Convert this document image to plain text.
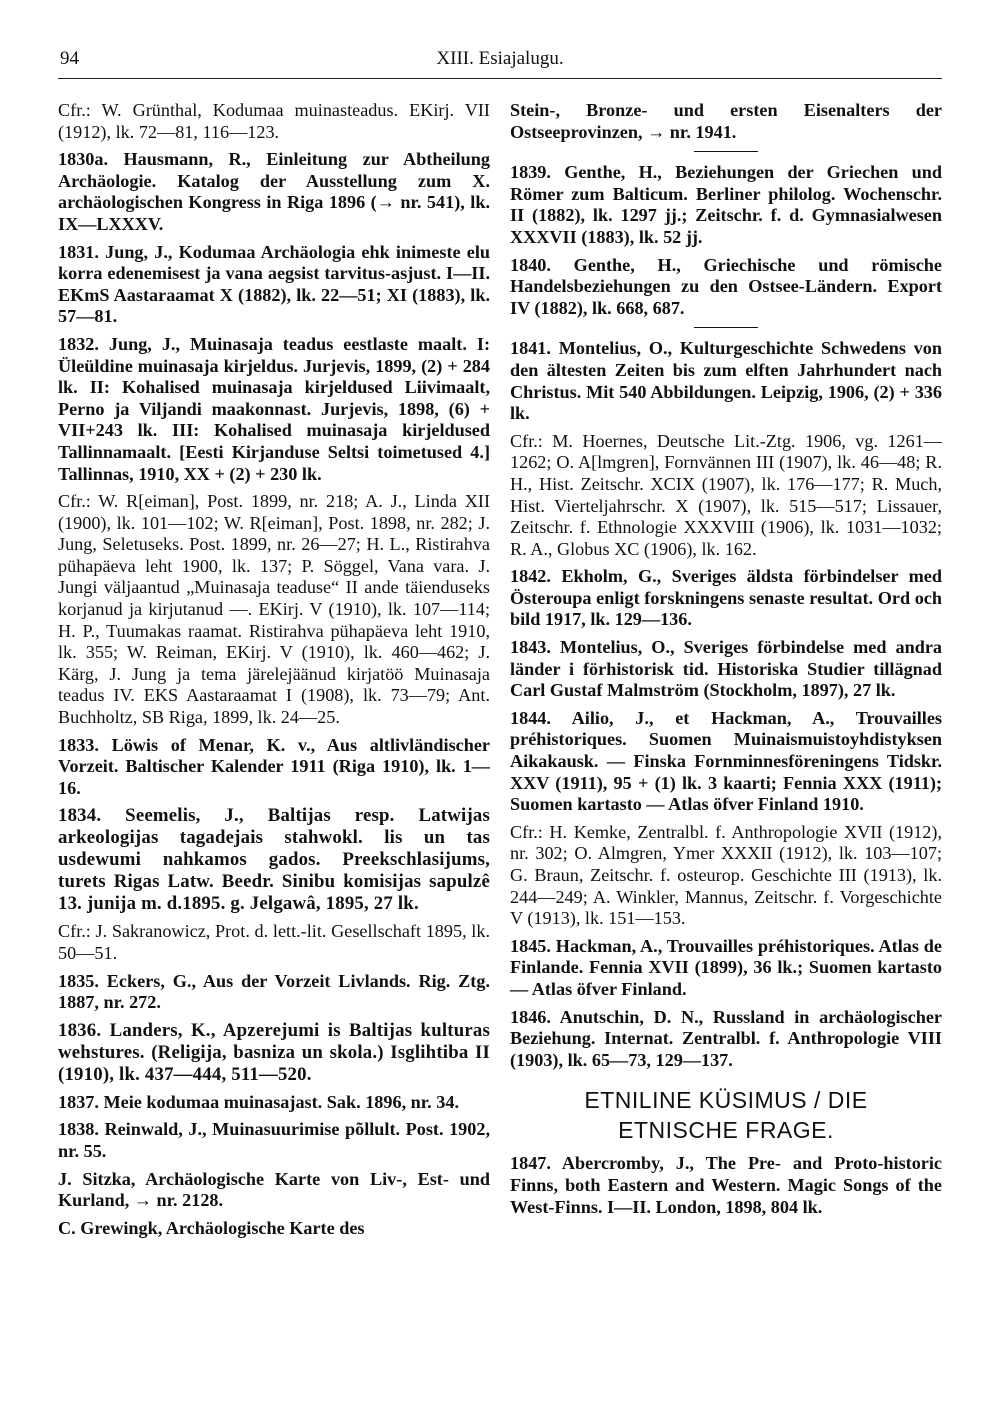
94	XIII. Esiajalugu.

Cfr.: W. Grünthal, Kodumaa muinasteadus. EKirj. VII (1912), lk. 72—81, 116—123.

1830a. Hausmann, R., Einleitung zur Abtheilung Archäologie. Katalog der Ausstellung zum X. archäologischen Kongress in Riga 1896 (→ nr. 541), lk. IX—LXXXV.

1831. Jung, J., Kodumaa Archäologia ehk inimeste elu korra edenemisest ja vana aegsist tarvitus-asjust. I—II. EKmS Aastaraamat X (1882), lk. 22—51; XI (1883), lk. 57—81.

1832. Jung, J., Muinasaja teadus eestlaste maalt. I: Üleüldine muinasaja kirjeldus. Jurjevis, 1899, (2) + 284 lk. II: Kohalised muinasaja kirjeldused Liivimaalt, Perno ja Viljandi maakonnast. Jurjevis, 1898, (6) + VII+243 lk. III: Kohalised muinasaja kirjeldused Tallinnamaalt. [Eesti Kirjanduse Seltsi toimetused 4.] Tallinnas, 1910, XX + (2) + 230 lk.

Cfr.: W. R[eiman], Post. 1899, nr. 218; A. J., Linda XII (1900), lk. 101—102; W. R[eiman], Post. 1898, nr. 282; J. Jung, Seletuseks. Post. 1899, nr. 26—27; H. L., Ristirahva pühapäeva leht 1900, lk. 137; P. Söggel, Vana vara. J. Jungi väljaantud „Muinasaja teaduse“ II ande täienduseks korjanud ja kirjutanud —. EKirj. V (1910), lk. 107—114; H. P., Tuumakas raamat. Ristirahva pühapäeva leht 1910, lk. 355; W. Reiman, EKirj. V (1910), lk. 460—462; J. Kärg, J. Jung ja tema järelejäänud kirjatöö Muinasaja teadus IV. EKS Aastaraamat I (1908), lk. 73—79; Ant. Buchholtz, SB Riga, 1899, lk. 24—25.

1833. Löwis of Menar, K. v., Aus altlivländischer Vorzeit. Baltischer Kalender 1911 (Riga 1910), lk. 1—16.

1834. Seemelis, J., Baltijas resp. Latwijas arkeologijas tagadejais stahwokl. lis un tas usdewumi nahkamos gados. Preekschlasijums, turets Rigas Latw. Beedr. Sinibu komisijas sapulzê 13. junija m. d.1895. g. Jelgawâ, 1895, 27 lk.

Cfr.: J. Sakranowicz, Prot. d. lett.-lit. Gesellschaft 1895, lk. 50—51.

1835. Eckers, G., Aus der Vorzeit Livlands. Rig. Ztg. 1887, nr. 272.

1836. Landers, K., Apzerejumi is Baltijas kulturas wehstures. (Religija, basniza un skola.) Isglihtiba II (1910), lk. 437—444, 511—520.

1837. Meie kodumaa muinasajast. Sak. 1896, nr. 34.

1838. Reinwald, J., Muinasuurimise põllult. Post. 1902, nr. 55.

J. Sitzka, Archäologische Karte von Liv-, Est- und Kurland, → nr. 2128.

C. Grewingk, Archäologische Karte des

Stein-, Bronze- und ersten Eisenalters der Ostseeprovinzen, → nr. 1941.

1839. Genthe, H., Beziehungen der Griechen und Römer zum Balticum. Berliner philolog. Wochenschr. II (1882), lk. 1297 jj.; Zeitschr. f. d. Gymnasialwesen XXXVII (1883), lk. 52 jj.

1840. Genthe, H., Griechische und römische Handelsbeziehungen zu den Ostsee-Ländern. Export IV (1882), lk. 668, 687.

1841. Montelius, O., Kulturgeschichte Schwedens von den ältesten Zeiten bis zum elften Jahrhundert nach Christus. Mit 540 Abbildungen. Leipzig, 1906, (2) + 336 lk.

Cfr.: M. Hoernes, Deutsche Lit.-Ztg. 1906, vg. 1261—1262; O. A[lmgren], Fornvännen III (1907), lk. 46—48; R. H., Hist. Zeitschr. XCIX (1907), lk. 176—177; R. Much, Hist. Vierteljahrschr. X (1907), lk. 515—517; Lissauer, Zeitschr. f. Ethnologie XXXVIII (1906), lk. 1031—1032; R. A., Globus XC (1906), lk. 162.

1842. Ekholm, G., Sveriges äldsta förbindelser med Österoupa enligt forskningens senaste resultat. Ord och bild 1917, lk. 129—136.

1843. Montelius, O., Sveriges förbindelse med andra länder i förhistorisk tid. Historiska Studier tillägnad Carl Gustaf Malmström (Stockholm, 1897), 27 lk.

1844. Ailio, J., et Hackman, A., Trouvailles préhistoriques. Suomen Muinaismuistoyhdistyksen Aikakausk. — Finska Fornminnesföreningens Tidskr. XXV (1911), 95 + (1) lk. 3 kaarti; Fennia XXX (1911); Suomen kartasto — Atlas öfver Finland 1910.

Cfr.: H. Kemke, Zentralbl. f. Anthropologie XVII (1912), nr. 302; O. Almgren, Ymer XXXII (1912), lk. 103—107; G. Braun, Zeitschr. f. osteurop. Geschichte III (1913), lk. 244—249; A. Winkler, Mannus, Zeitschr. f. Vorgeschichte V (1913), lk. 151—153.

1845. Hackman, A., Trouvailles préhistoriques. Atlas de Finlande. Fennia XVII (1899), 36 lk.; Suomen kartasto — Atlas öfver Finland.

1846. Anutschin, D. N., Russland in archäologischer Beziehung. Internat. Zentralbl. f. Anthropologie VIII (1903), lk. 65—73, 129—137.

ETNILINE KÜSIMUS / DIE
ETNISCHE FRAGE.

1847. Abercromby, J., The Pre- and Proto-historic Finns, both Eastern and Western. Magic Songs of the West-Finns. I—II. London, 1898, 804 lk.
